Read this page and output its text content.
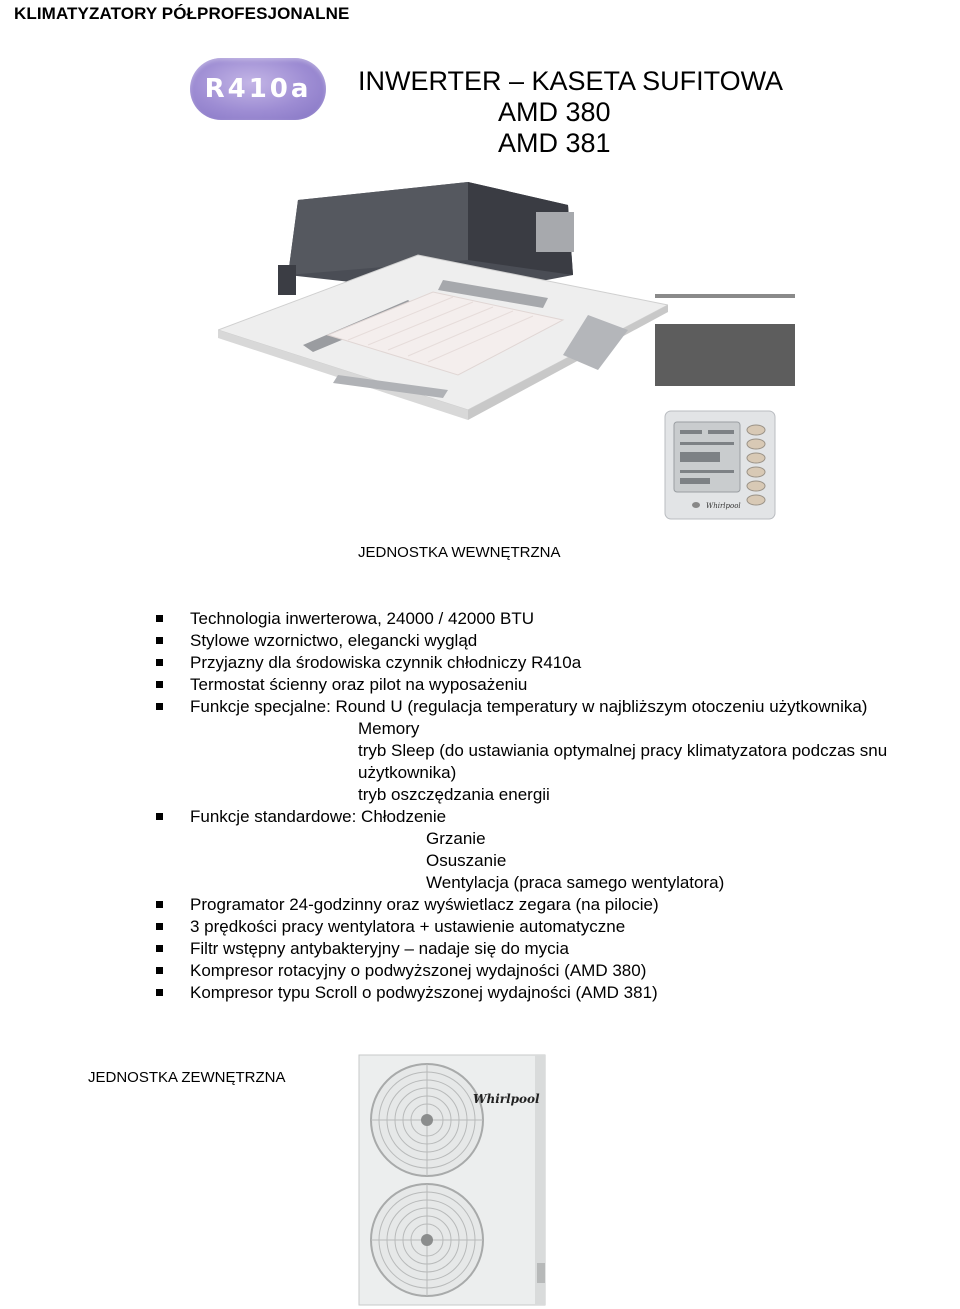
KLIMATYZATORY PÓŁPROFESJONALNE
R410a	INWERTER – KASETA SUFITOWA
AMD 380
AMD 381
Whirlpool
JEDNOSTKA WEWNĘTRZNA
Technologia inwerterowa, 24000 / 42000 BTU
Stylowe wzornictwo, elegancki wygląd
Przyjazny dla środowiska czynnik chłodniczy R410a
Termostat ścienny oraz pilot na wyposażeniu
Funkcje specjalne: Round U (regulacja temperatury w najbliższym otoczeniu użytkownika)
Memory
tryb Sleep (do ustawiania optymalnej pracy klimatyzatora podczas snu
użytkownika)
tryb oszczędzania energii
Funkcje standardowe: Chłodzenie
Grzanie
Osuszanie
Wentylacja (praca samego wentylatora)
Programator 24-godzinny oraz wyświetlacz zegara (na pilocie)
3 prędkości pracy wentylatora + ustawienie automatyczne
Filtr wstępny antybakteryjny – nadaje się do mycia
Kompresor rotacyjny o podwyższonej wydajności (AMD 380)
Kompresor typu Scroll o podwyższonej wydajności (AMD 381)
JEDNOSTKA ZEWNĘTRZNA
Whirlpool
